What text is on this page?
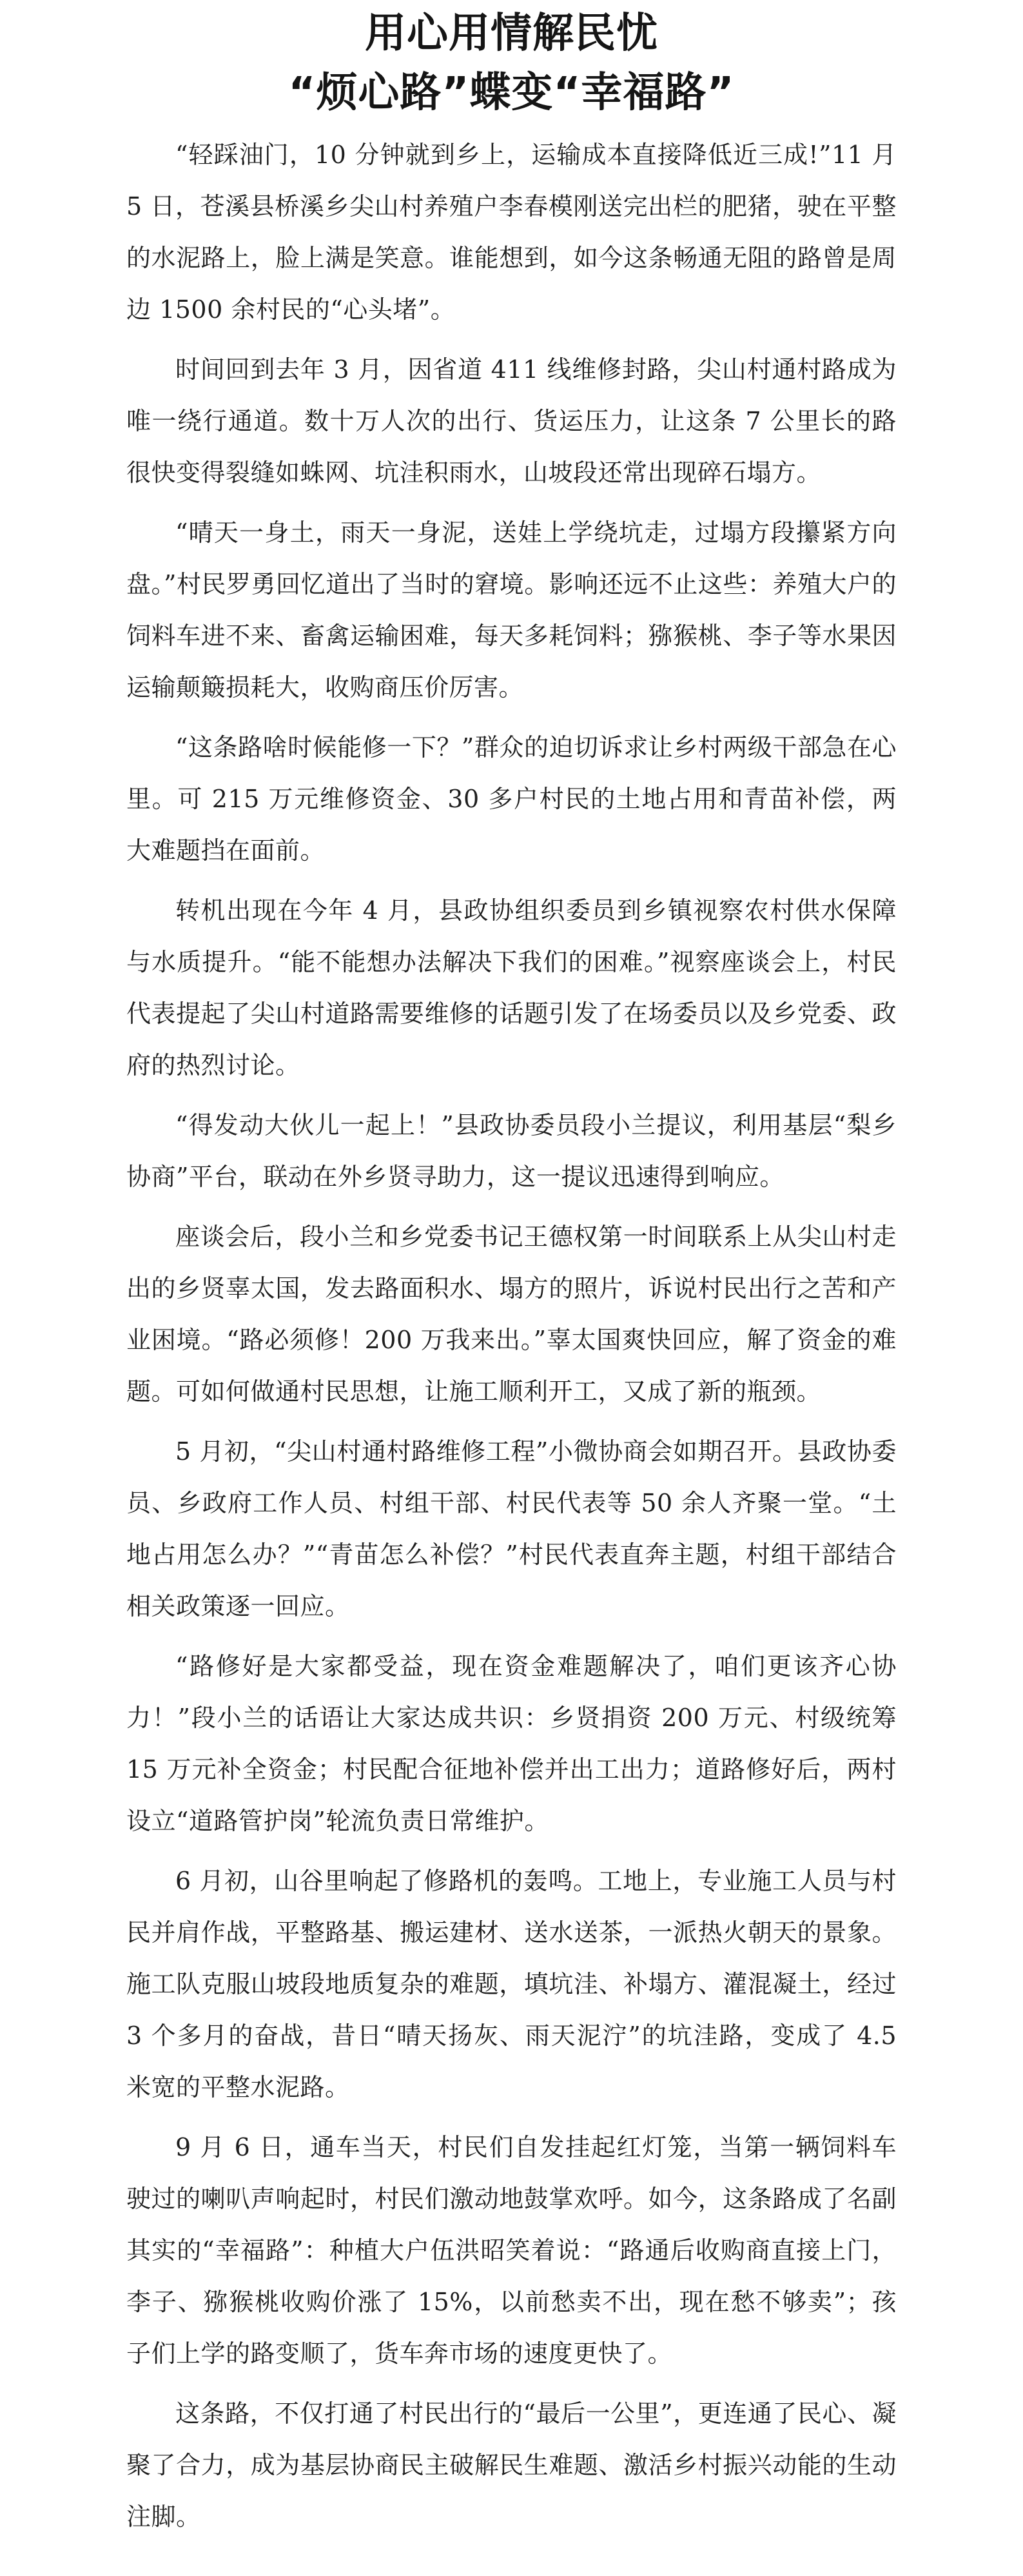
用心用情解民忧
“烦心路”蝶变“幸福路”

“轻踩油门，10 分钟就到乡上，运输成本直接降低近三成!”11 月 5 日，苍溪县桥溪乡尖山村养殖户李春模刚送完出栏的肥猪，驶在平整的水泥路上，脸上满是笑意。谁能想到，如今这条畅通无阻的路曾是周边 1500 余村民的“心头堵”。

时间回到去年 3 月，因省道 411 线维修封路，尖山村通村路成为唯一绕行通道。数十万人次的出行、货运压力，让这条 7 公里长的路很快变得裂缝如蛛网、坑洼积雨水，山坡段还常出现碎石塌方。

“晴天一身土，雨天一身泥，送娃上学绕坑走，过塌方段攥紧方向盘。”村民罗勇回忆道出了当时的窘境。影响还远不止这些：养殖大户的饲料车进不来、畜禽运输困难，每天多耗饲料；猕猴桃、李子等水果因运输颠簸损耗大，收购商压价厉害。

“这条路啥时候能修一下？”群众的迫切诉求让乡村两级干部急在心里。可 215 万元维修资金、30 多户村民的土地占用和青苗补偿，两大难题挡在面前。

转机出现在今年 4 月，县政协组织委员到乡镇视察农村供水保障与水质提升。“能不能想办法解决下我们的困难。”视察座谈会上，村民代表提起了尖山村道路需要维修的话题引发了在场委员以及乡党委、政府的热烈讨论。

“得发动大伙儿一起上！”县政协委员段小兰提议，利用基层“梨乡协商”平台，联动在外乡贤寻助力，这一提议迅速得到响应。

座谈会后，段小兰和乡党委书记王德权第一时间联系上从尖山村走出的乡贤辜太国，发去路面积水、塌方的照片，诉说村民出行之苦和产业困境。“路必须修！200 万我来出。”辜太国爽快回应，解了资金的难题。可如何做通村民思想，让施工顺利开工，又成了新的瓶颈。

5 月初，“尖山村通村路维修工程”小微协商会如期召开。县政协委员、乡政府工作人员、村组干部、村民代表等 50 余人齐聚一堂。“土地占用怎么办？”“青苗怎么补偿？”村民代表直奔主题，村组干部结合相关政策逐一回应。

“路修好是大家都受益，现在资金难题解决了，咱们更该齐心协力！”段小兰的话语让大家达成共识：乡贤捐资 200 万元、村级统筹 15 万元补全资金；村民配合征地补偿并出工出力；道路修好后，两村设立“道路管护岗”轮流负责日常维护。

6 月初，山谷里响起了修路机的轰鸣。工地上，专业施工人员与村民并肩作战，平整路基、搬运建材、送水送茶，一派热火朝天的景象。施工队克服山坡段地质复杂的难题，填坑洼、补塌方、灌混凝土，经过 3 个多月的奋战，昔日“晴天扬灰、雨天泥泞”的坑洼路，变成了 4.5 米宽的平整水泥路。

9 月 6 日，通车当天，村民们自发挂起红灯笼，当第一辆饲料车驶过的喇叭声响起时，村民们激动地鼓掌欢呼。如今，这条路成了名副其实的“幸福路”：种植大户伍洪昭笑着说：“路通后收购商直接上门，李子、猕猴桃收购价涨了 15%，以前愁卖不出，现在愁不够卖”；孩子们上学的路变顺了，货车奔市场的速度更快了。

这条路，不仅打通了村民出行的“最后一公里”，更连通了民心、凝聚了合力，成为基层协商民主破解民生难题、激活乡村振兴动能的生动注脚。
